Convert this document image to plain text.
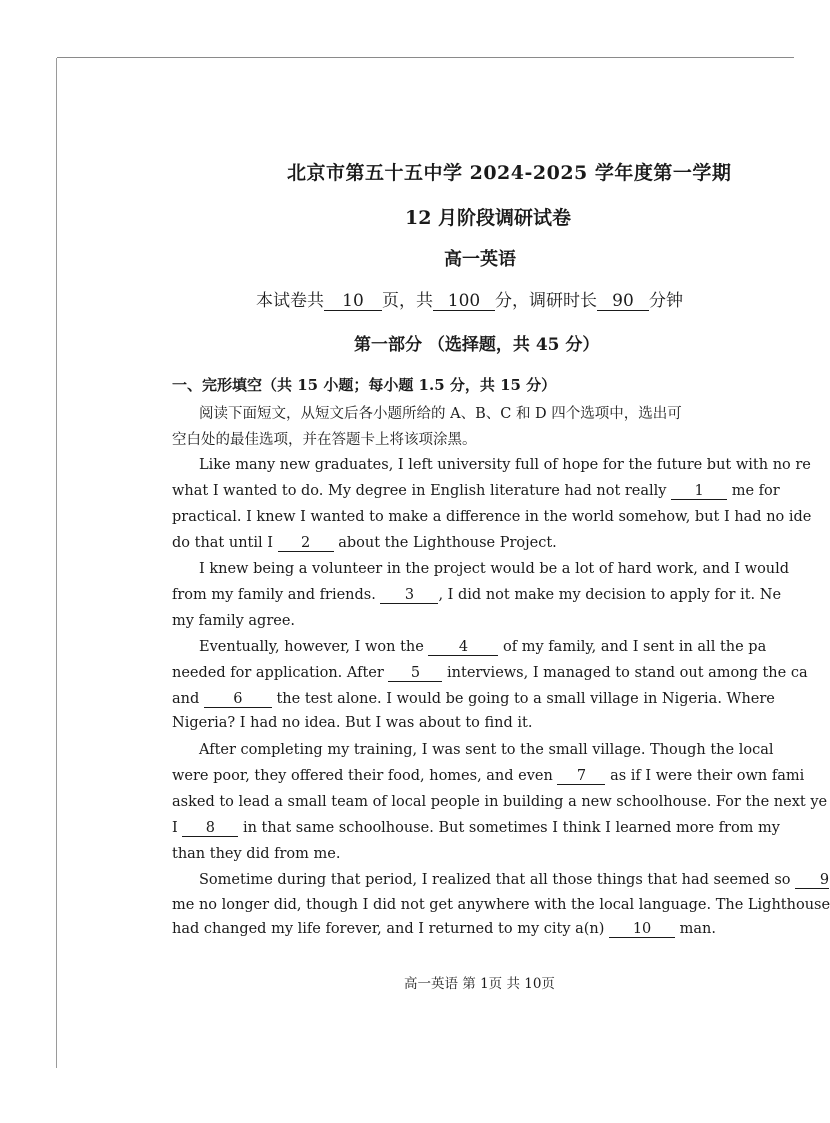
北京市第五十五中学 2024-2025 学年度第一学期
12 月阶段调研试卷
高一英语
本试卷共 10 页，共 100 分，调研时长 90 分钟
第一部分 （选择题，共 45 分）
一、完形填空（共 15 小题；每小题 1.5 分，共 15 分）
阅读下面短文，从短文后各小题所给的 A、B、C 和 D 四个选项中，选出可
空白处的最佳选项，并在答题卡上将该项涂黑。
Like many new graduates, I left university full of hope for the future but with no re
what I wanted to do. My degree in English literature had not really 1 me for
practical. I knew I wanted to make a difference in the world somehow, but I had no ide
do that until I 2 about the Lighthouse Project.
I knew being a volunteer in the project would be a lot of hard work, and I would
from my family and friends. 3 , I did not make my decision to apply for it. Ne
my family agree.
Eventually, however, I won the 4 of my family, and I sent in all the pa
needed for application. After 5 interviews, I managed to stand out among the ca
and 6 the test alone. I would be going to a small village in Nigeria. Where
Nigeria? I had no idea. But I was about to find it.
After completing my training, I was sent to the small village. Though the local
were poor, they offered their food, homes, and even 7 as if I were their own fami
asked to lead a small team of local people in building a new schoolhouse. For the next ye
I 8 in that same schoolhouse. But sometimes I think I learned more from my
than they did from me.
Sometime during that period, I realized that all those things that had seemed so 9
me no longer did, though I did not get anywhere with the local language. The Lighthouse
had changed my life forever, and I returned to my city a(n) 10 man.
高一英语 第 1页 共 10页
